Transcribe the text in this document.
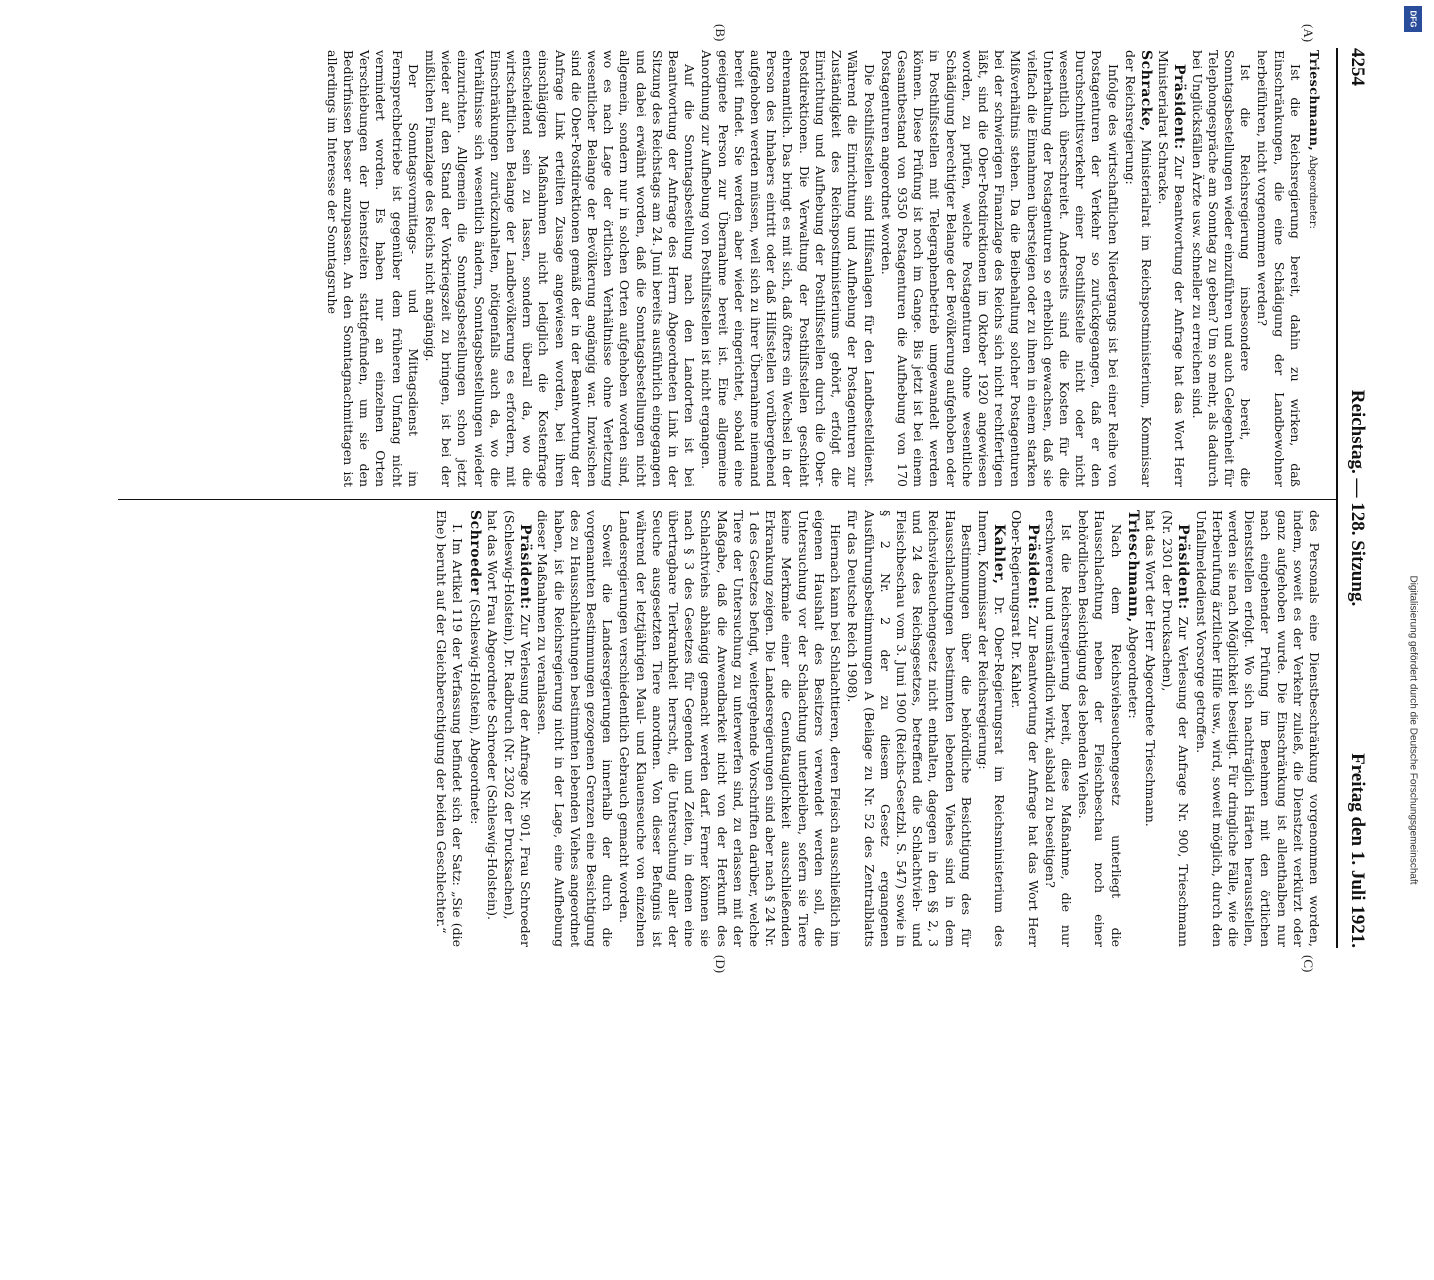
4254
Reichstag. — 128. Sitzung.
Freitag den 1. Juli 1921.
(A)
(B)
(C)
(D)

Trieschmann, Abgeordneter:

Ist die Reichsregierung bereit, dahin zu wirken, daß Einschränkungen, die eine Schädigung der Landbewohner herbeiführen, nicht vorgenommen werden?

Ist die Reichsregierung insbesondere bereit, die Sonntagsbestellungen wieder einzuführen und auch Gelegenheit für Telephongespräche am Sonntag zu geben? Um so mehr, als dadurch bei Unglücksfällen Ärzte usw. schneller zu erreichen sind.

Präsident: Zur Beantwortung der Anfrage hat das Wort Herr Ministerialrat Schracke.

Schracke, Ministerialrat im Reichspostministerium, Kommissar der Reichsregierung:

Infolge des wirtschaftlichen Niedergangs ist bei einer Reihe von Postagenturen der Verkehr so zurückgegangen, daß er den Durchschnittsverkehr einer Posthilfsstelle nicht oder nicht wesentlich überschreitet. Anderseits sind die Kosten für die Unterhaltung der Postagenturen so erheblich gewachsen, daß sie vielfach die Einnahmen übersteigen oder zu ihnen in einem starken Mißverhältnis stehen. Da die Beibehaltung solcher Postagenturen bei der schwierigen Finanzlage des Reichs sich nicht rechtfertigen läßt, sind die Ober-Postdirektionen im Oktober 1920 angewiesen worden, zu prüfen, welche Postagenturen ohne wesentliche Schädigung berechtigter Belange der Bevölkerung aufgehoben oder in Posthilfsstellen mit Telegraphenbetrieb umgewandelt werden können. Diese Prüfung ist noch im Gange. Bis jetzt ist bei einem Gesamtbestand von 9350 Postagenturen die Aufhebung von 170 Postagenturen angeordnet worden.

Die Posthilfsstellen sind Hilfsanlagen für den Landbestelldienst. Während die Einrichtung und Aufhebung der Postagenturen zur Zuständigkeit des Reichspostministeriums gehört, erfolgt die Einrichtung und Aufhebung der Posthilfsstellen durch die Ober-Postdirektionen. Die Verwaltung der Posthilfsstellen geschieht ehrenamtlich. Das bringt es mit sich, daß öfters ein Wechsel in der Person des Inhabers eintritt oder daß Hilfsstellen vorübergehend aufgehoben werden müssen, weil sich zu ihrer Übernahme niemand bereit findet. Sie werden aber wieder eingerichtet, sobald eine geeignete Person zur Übernahme bereit ist. Eine allgemeine Anordnung zur Aufhebung von Posthilfsstellen ist nicht ergangen.

Auf die Sonntagsbestellung nach den Landorten ist bei Beantwortung der Anfrage des Herrn Abgeordneten Link in der Sitzung des Reichstags am 24. Juni bereits ausführlich eingegangen und dabei erwähnt worden, daß die Sonntagsbestellungen nicht allgemein, sondern nur in solchen Orten aufgehoben worden sind, wo es nach Lage der örtlichen Verhältnisse ohne Verletzung wesentlicher Belange der Bevölkerung angängig war. Inzwischen sind die Ober-Postdirektionen gemäß der in der Beantwortung der Anfrage Link erteilten Zusage angewiesen worden, bei ihren einschlägigen Maßnahmen nicht lediglich die Kostenfrage entscheidend sein zu lassen, sondern überall da, wo die wirtschaftlichen Belange der Landbevölkerung es erfordern, mit Einschränkungen zurückzuhalten, nötigenfalls auch da, wo die Verhältnisse sich wesentlich ändern, Sonntagsbestellungen wieder einzurichten. Allgemein die Sonntagsbestellungen schon jetzt wieder auf den Stand der Vorkriegszeit zu bringen, ist bei der mißlichen Finanzlage des Reichs nicht angängig.

Der Sonntagsvormittags- und Mittagsdienst im Fernsprechbetriebe ist gegenüber dem früheren Umfang nicht vermindert worden. Es haben nur an einzelnen Orten Verschiebungen der Dienstzeiten stattgefunden, um sie den Bedürfnissen besser anzupassen. An den Sonntagnachmittagen ist allerdings im Interesse der Sonntagsruhe

des Personals eine Dienstbeschränkung vorgenommen worden, indem, soweit es der Verkehr zuließ, die Dienstzeit verkürzt oder ganz aufgehoben wurde. Die Einschränkung ist allenthalben nur nach eingehender Prüfung im Benehmen mit den örtlichen Dienststellen erfolgt. Wo sich nachträglich Härten herausstellen, werden sie nach Möglichkeit beseitigt. Für dringliche Fälle, wie die Herbeirufung ärztlicher Hilfe usw., wird, soweit möglich, durch den Unfallmeldedienst Vorsorge getroffen.

Präsident: Zur Verlesung der Anfrage Nr. 900, Trieschmann (Nr. 2301 der Drucksachen),

hat das Wort der Herr Abgeordnete Trieschmann.

Trieschmann, Abgeordneter:

Nach dem Reichsviehseuchengesetz unterliegt die Hausschlachtung neben der Fleischbeschau noch einer behördlichen Besichtigung des lebenden Viehes.

Ist die Reichsregierung bereit, diese Maßnahme, die nur erschwerend und umständlich wirkt, alsbald zu beseitigen?

Präsident: Zur Beantwortung der Anfrage hat das Wort Herr Ober-Regierungsrat Dr. Kahler.

Kahler, Dr. Ober-Regierungsrat im Reichsministerium des Innern, Kommissar der Reichsregierung:

Bestimmungen über die behördliche Besichtigung des für Hausschlachtungen bestimmten lebenden Viehes sind in dem Reichsviehseuchengesetz nicht enthalten, dagegen in den §§ 2, 3 und 24 des Reichsgesetzes, betreffend die Schlachtvieh- und Fleischbeschau vom 3. Juni 1900 (Reichs-Gesetzbl. S. 547) sowie in § 2 Nr. 2 der zu diesem Gesetz ergangenen Ausführungsbestimmungen A (Beilage zu Nr. 52 des Zentralblatts für das Deutsche Reich 1908).

Hiernach kann bei Schlachttieren, deren Fleisch ausschließlich im eigenen Haushalt des Besitzers verwendet werden soll, die Untersuchung vor der Schlachtung unterbleiben, sofern sie Tiere keine Merkmale einer die Genußtauglichkeit ausschließenden Erkrankung zeigen. Die Landesregierungen sind aber nach § 24 Nr. 1 des Gesetzes befugt, weitergehende Vorschriften darüber, welche Tiere der Untersuchung zu unterwerfen sind, zu erlassen mit der Maßgabe, daß die Anwendbarkeit nicht von der Herkunft des Schlachtviehs abhängig gemacht werden darf. Ferner können sie nach § 3 des Gesetzes für Gegenden und Zeiten, in denen eine übertragbare Tierkrankheit herrscht, die Untersuchung aller der Seuche ausgesetzten Tiere anordnen. Von dieser Befugnis ist während der letztjährigen Maul- und Klauenseuche von einzelnen Landesregierungen verschiedentlich Gebrauch gemacht worden.

Soweit die Landesregierungen innerhalb der durch die vorgenannten Bestimmungen gezogenen Grenzen eine Besichtigung des zu Hausschlachtungen bestimmten lebenden Viehes angeordnet haben, ist die Reichsregierung nicht in der Lage, eine Aufhebung dieser Maßnahmen zu veranlassen.

Präsident: Zur Verlesung der Anfrage Nr. 901, Frau Schroeder (Schleswig-Holstein), Dr. Radbruch (Nr. 2302 der Drucksachen),

hat das Wort Frau Abgeordnete Schroeder (Schleswig-Holstein).

Schroeder (Schleswig-Holstein), Abgeordnete:

I. Im Artikel 119 der Verfassung befindet sich der Satz: „Sie (die Ehe) beruht auf der Gleichberechtigung der beiden Geschlechter.“	Digitalisierung gefördert durch die Deutsche Forschungsgemeinschaft
DFG
